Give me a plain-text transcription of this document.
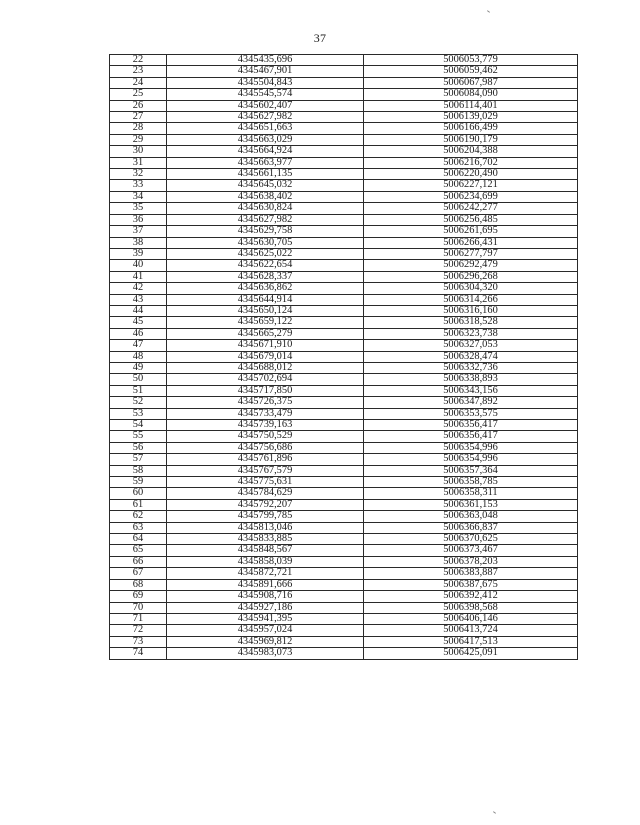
37
22	4345435,696	5006053,779
23	4345467,901	5006059,462
24	4345504,843	5006067,987
25	4345545,574	5006084,090
26	4345602,407	5006114,401
27	4345627,982	5006139,029
28	4345651,663	5006166,499
29	4345663,029	5006190,179
30	4345664,924	5006204,388
31	4345663,977	5006216,702
32	4345661,135	5006220,490
33	4345645,032	5006227,121
34	4345638,402	5006234,699
35	4345630,824	5006242,277
36	4345627,982	5006256,485
37	4345629,758	5006261,695
38	4345630,705	5006266,431
39	4345625,022	5006277,797
40	4345622,654	5006292,479
41	4345628,337	5006296,268
42	4345636,862	5006304,320
43	4345644,914	5006314,266
44	4345650,124	5006316,160
45	4345659,122	5006318,528
46	4345665,279	5006323,738
47	4345671,910	5006327,053
48	4345679,014	5006328,474
49	4345688,012	5006332,736
50	4345702,694	5006338,893
51	4345717,850	5006343,156
52	4345726,375	5006347,892
53	4345733,479	5006353,575
54	4345739,163	5006356,417
55	4345750,529	5006356,417
56	4345756,686	5006354,996
57	4345761,896	5006354,996
58	4345767,579	5006357,364
59	4345775,631	5006358,785
60	4345784,629	5006358,311
61	4345792,207	5006361,153
62	4345799,785	5006363,048
63	4345813,046	5006366,837
64	4345833,885	5006370,625
65	4345848,567	5006373,467
66	4345858,039	5006378,203
67	4345872,721	5006383,887
68	4345891,666	5006387,675
69	4345908,716	5006392,412
70	4345927,186	5006398,568
71	4345941,395	5006406,146
72	4345957,024	5006413,724
73	4345969,812	5006417,513
74	4345983,073	5006425,091
